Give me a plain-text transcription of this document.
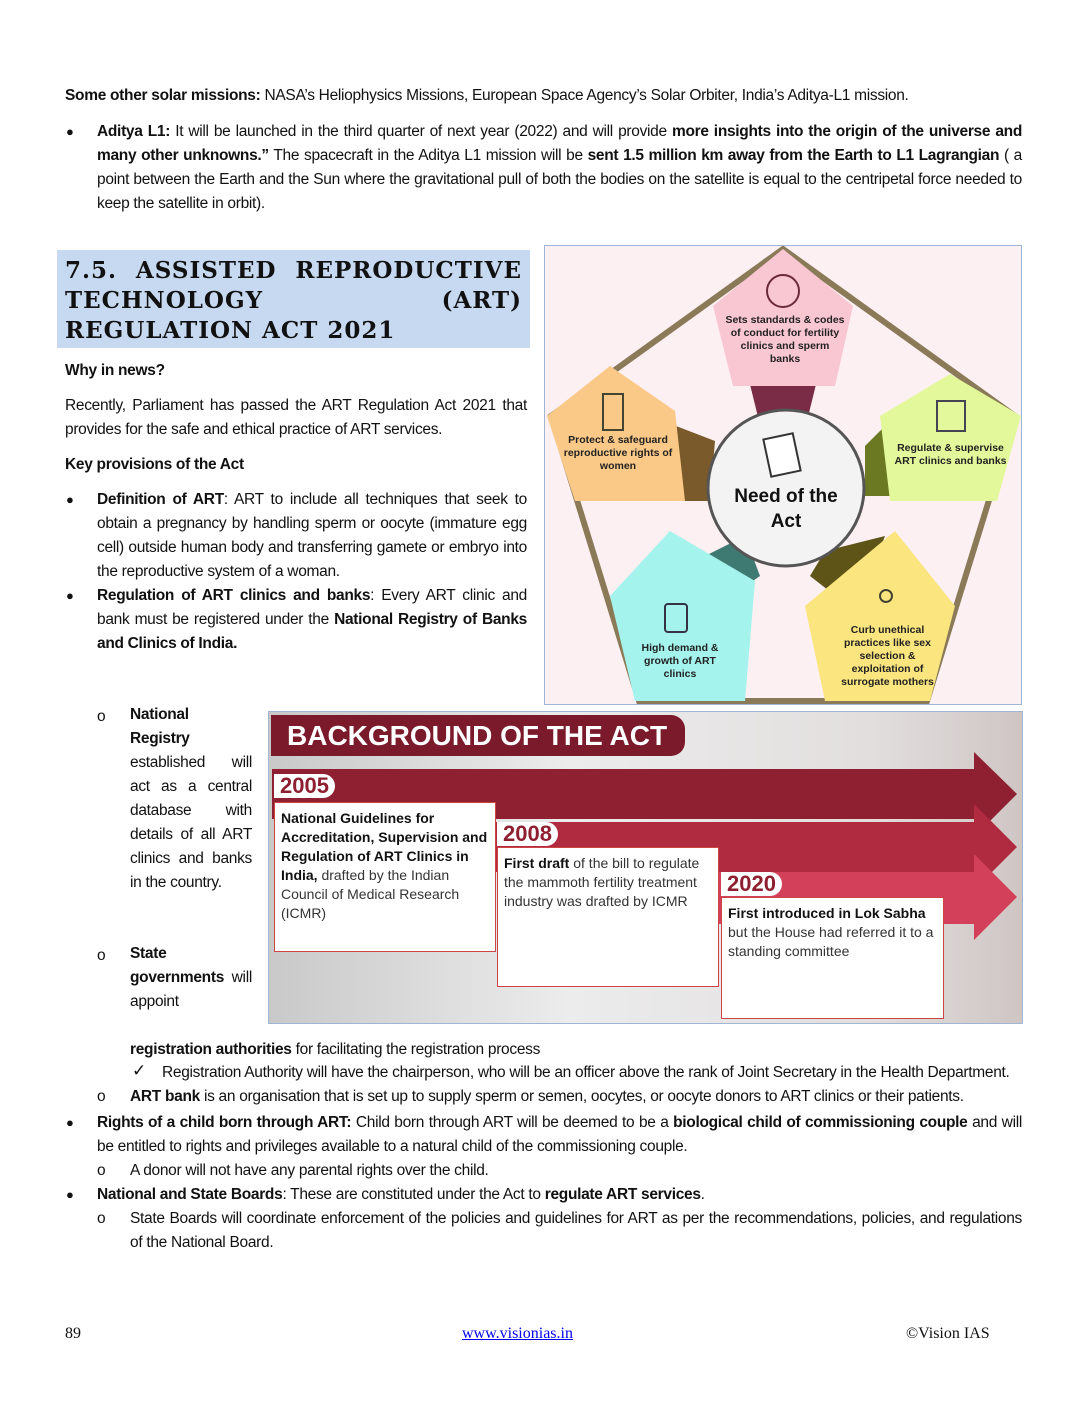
Some other solar missions: NASA’s Heliophysics Missions, European Space Agency’s Solar Orbiter, India’s Aditya-L1 mission.
● Aditya L1: It will be launched in the third quarter of next year (2022) and will provide more insights into the origin of the universe and many other unknowns.” The spacecraft in the Aditya L1 mission will be sent 1.5 million km away from the Earth to L1 Lagrangian ( a point between the Earth and the Sun where the gravitational pull of both the bodies on the satellite is equal to the centripetal force needed to keep the satellite in orbit).
7.5. ASSISTED REPRODUCTIVE TECHNOLOGY (ART) REGULATION ACT 2021
Why in news?
Recently, Parliament has passed the ART Regulation Act 2021 that provides for the safe and ethical practice of ART services.
Key provisions of the Act
● Definition of ART: ART to include all techniques that seek to obtain a pregnancy by handling sperm or oocyte (immature egg cell) outside human body and transferring gamete or embryo into the reproductive system of a woman.
● Regulation of ART clinics and banks: Every ART clinic and bank must be registered under the National Registry of Banks and Clinics of India.
o National Registry established will act as a central database with details of all ART clinics and banks in the country.
o State governments will appoint
registration authorities for facilitating the registration process
✓ Registration Authority will have the chairperson, who will be an officer above the rank of Joint Secretary in the Health Department.
o ART bank is an organisation that is set up to supply sperm or semen, oocytes, or oocyte donors to ART clinics or their patients.
● Rights of a child born through ART: Child born through ART will be deemed to be a biological child of commissioning couple and will be entitled to rights and privileges available to a natural child of the commissioning couple.
o A donor will not have any parental rights over the child.
● National and State Boards: These are constituted under the Act to regulate ART services.
o State Boards will coordinate enforcement of the policies and guidelines for ART as per the recommendations, policies, and regulations of the National Board.
Sets standards & codes of conduct for fertility clinics and sperm banks
Regulate & supervise ART clinics and banks
Curb unethical practices like sex selection & exploitation of surrogate mothers
High demand & growth of ART clinics
Protect & safeguard reproductive rights of women
Need of the Act
BACKGROUND OF THE ACT
2005
National Guidelines for Accreditation, Supervision and Regulation of ART Clinics in India, drafted by the Indian Council of Medical Research (ICMR)
2008
First draft of the bill to regulate the mammoth fertility treatment industry was drafted by ICMR
2020
First introduced in Lok Sabha but the House had referred it to a standing committee
89	www.visionias.in	©Vision IAS
